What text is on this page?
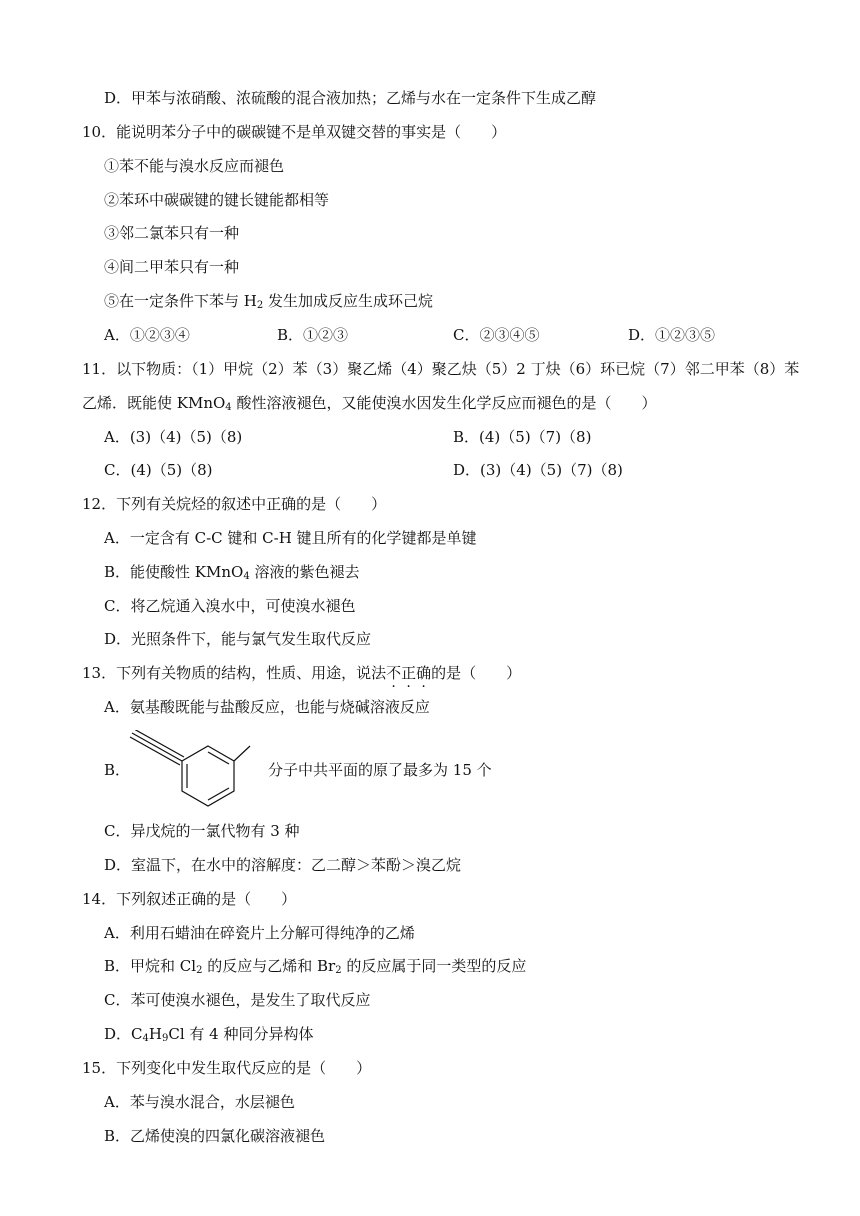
D．甲苯与浓硝酸、浓硫酸的混合液加热；乙烯与水在一定条件下生成乙醇
10．能说明苯分子中的碳碳键不是单双键交替的事实是（　　）
①苯不能与溴水反应而褪色
②苯环中碳碳键的键长键能都相等
③邻二氯苯只有一种
④间二甲苯只有一种
⑤在一定条件下苯与 $H_2$ 发生加成反应生成环己烷
A．①②③④	B．①②③	C．②③④⑤	D．①②③⑤
11．以下物质：（1）甲烷（2）苯（3）聚乙烯（4）聚乙炔（5）2 丁炔（6）环已烷（7）邻二甲苯（8）苯
乙烯．既能使 KMnO$_4$ 酸性溶液褪色，又能使溴水因发生化学反应而褪色的是（　　）
A．(3)（4)（5)（8)	B．(4)（5)（7)（8)
C．(4)（5)（8)	D．(3)（4)（5)（7)（8)
12．下列有关烷烃的叙述中正确的是（　　）
A．一定含有 C-C 键和 C-H 键且所有的化学键都是单键
B．能使酸性 KMnO$_4$ 溶液的紫色褪去
C．将乙烷通入溴水中，可使溴水褪色
D．光照条件下，能与氯气发生取代反应
13．下列有关物质的结构，性质、用途，说法不正确的是（　　）
A．氨基酸既能与盐酸反应，也能与烧碱溶液反应
B．	分子中共平面的原了最多为 15 个
C．异戊烷的一氯代物有 3 种
D．室温下，在水中的溶解度：乙二醇＞苯酚＞溴乙烷
14．下列叙述正确的是（　　）
A．利用石蜡油在碎瓷片上分解可得纯净的乙烯
B．甲烷和 $Cl_2$ 的反应与乙烯和 $Br_2$ 的反应属于同一类型的反应
C．苯可使溴水褪色，是发生了取代反应
D．$C_4H_9Cl$ 有 4 种同分异构体
15．下列变化中发生取代反应的是（　　）
A．苯与溴水混合，水层褪色
B．乙烯使溴的四氯化碳溶液褪色
